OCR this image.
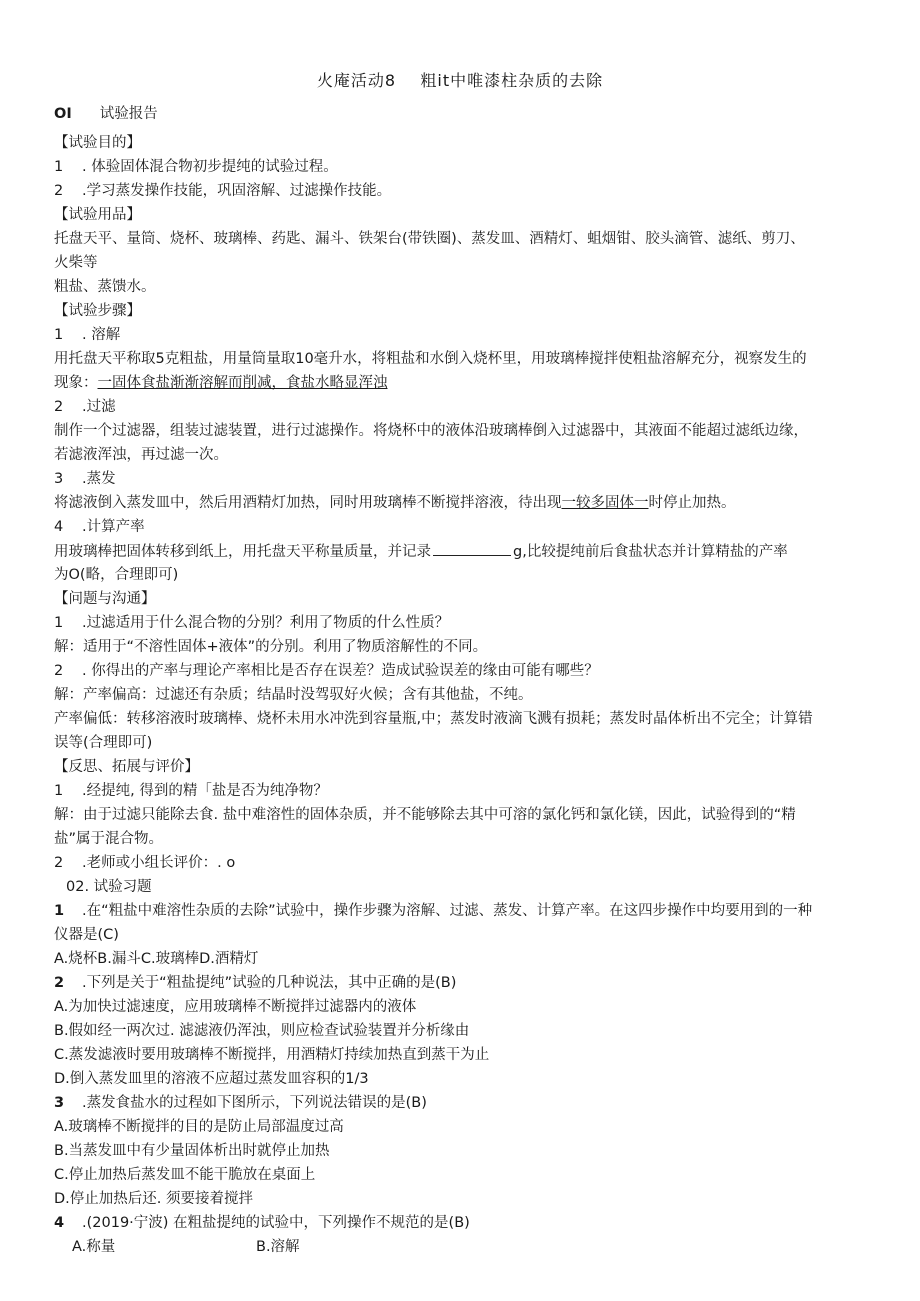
火庵活动8    粗it中唯漆柱杂质的去除
OI 试验报告
【试验目的】
1 . 体验固体混合物初步提纯的试验过程。
2 .学习蒸发操作技能，巩固溶解、过滤操作技能。
【试验用品】
托盘天平、量筒、烧杯、玻璃棒、药匙、漏斗、铁架台(带铁圈)、蒸发皿、酒精灯、蛆烟钳、胶头滴管、滤纸、剪刀、
火柴等
粗盐、蒸馈水。
【试验步骤】
1 . 溶解
用托盘天平称取5克粗盐，用量筒量取10毫升水，将粗盐和水倒入烧杯里，用玻璃棒搅拌使粗盐溶解充分，视察发生的
现象：一固体食盐渐渐溶解而削减，食盐水略显浑浊
2 .过滤
制作一个过滤器，组装过滤装置，进行过滤操作。将烧杯中的液体沿玻璃棒倒入过滤器中，其液面不能超过滤纸边缘，
若滤液浑浊，再过滤一次。
3 .蒸发
将滤液倒入蒸发皿中，然后用酒精灯加热，同时用玻璃棒不断搅拌溶液，待出现一较多固体一时停止加热。
4 .计算产率
用玻璃棒把固体转移到纸上，用托盘天平称量质量，并记录	g,比较提纯前后食盐状态并计算精盐的产率
为O(略，合理即可)
【问题与沟通】
1 .过滤适用于什么混合物的分别？利用了物质的什么性质？
解：适用于“不溶性固体+液体”的分别。利用了物质溶解性的不同。
2 . 你得出的产率与理论产率相比是否存在误差？造成试验误差的缘由可能有哪些？
解：产率偏高：过滤还有杂质；结晶时没驾驭好火候；含有其他盐，不纯。
产率偏低：转移溶液时玻璃棒、烧杯未用水冲洗到容量瓶,中；蒸发时液滴飞溅有损耗；蒸发时晶体析出不完全；计算错
误等(合理即可)
【反思、拓展与评价】
1 .经提纯, 得到的精「盐是否为纯净物？
解：由于过滤只能除去食. 盐中难溶性的固体杂质，并不能够除去其中可溶的氯化钙和氯化镁，因此，试验得到的“精
盐”属于混合物。
2 .老师或小组长评价：. o
02. 试验习题
1 .在“粗盐中难溶性杂质的去除”试验中，操作步骤为溶解、过滤、蒸发、计算产率。在这四步操作中均要用到的一种
仪器是(C)
A.烧杯B.漏斗C.玻璃棒D.酒精灯
2 .下列是关于“粗盐提纯”试验的几种说法，其中正确的是(B)
A.为加快过滤速度，应用玻璃棒不断搅拌过滤器内的液体
B.假如经一两次过. 滤滤液仍浑浊，则应检查试验装置并分析缘由
C.蒸发滤液时要用玻璃棒不断搅拌，用酒精灯持续加热直到蒸干为止
D.倒入蒸发皿里的溶液不应超过蒸发皿容积的1/3
3 .蒸发食盐水的过程如下图所示，下列说法错误的是(B)
A.玻璃棒不断搅拌的目的是防止局部温度过高
B.当蒸发皿中有少量固体析出时就停止加热
C.停止加热后蒸发皿不能干脆放在桌面上
D.停止加热后还. 须要接着搅拌
4 .(2019·宁波) 在粗盐提纯的试验中，下列操作不规范的是(B)
A.称量	B.溶解
